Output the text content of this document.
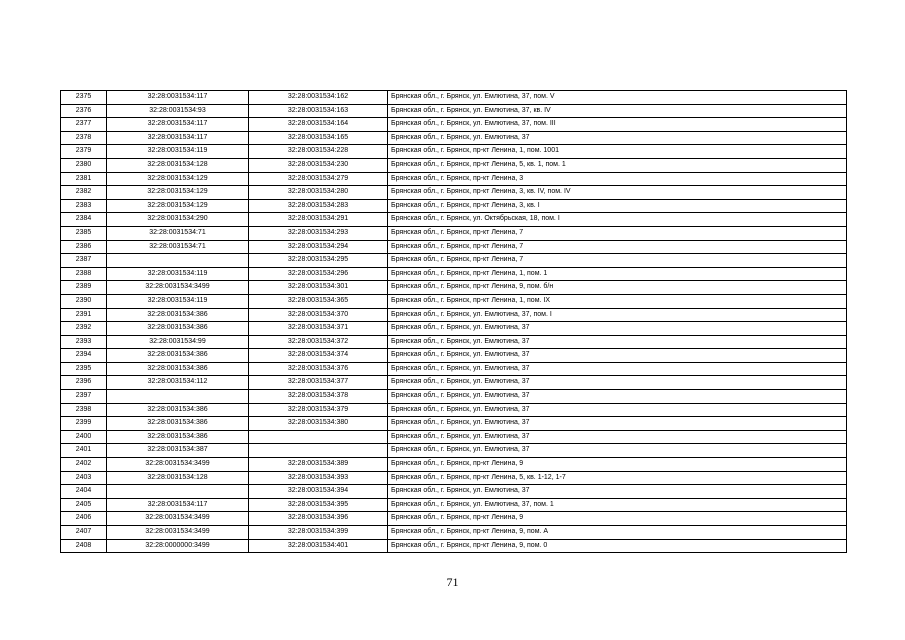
2375	32:28:0031534:117	32:28:0031534:162	Брянская обл., г. Брянск, ул. Емлютина, 37, пом. V
2376	32:28:0031534:93	32:28:0031534:163	Брянская обл., г. Брянск, ул. Емлютина, 37, кв. IV
2377	32:28:0031534:117	32:28:0031534:164	Брянская обл., г. Брянск, ул. Емлютина, 37, пом. III
2378	32:28:0031534:117	32:28:0031534:165	Брянская обл., г. Брянск, ул. Емлютина, 37
2379	32:28:0031534:119	32:28:0031534:228	Брянская обл., г. Брянск, пр-кт Ленина, 1, пом. 1001
2380	32:28:0031534:128	32:28:0031534:230	Брянская обл., г. Брянск, пр-кт Ленина, 5, кв. 1, пом. 1
2381	32:28:0031534:129	32:28:0031534:279	Брянская обл., г. Брянск, пр-кт Ленина, 3
2382	32:28:0031534:129	32:28:0031534:280	Брянская обл., г. Брянск, пр-кт Ленина, 3, кв. IV, пом. IV
2383	32:28:0031534:129	32:28:0031534:283	Брянская обл., г. Брянск, пр-кт Ленина, 3, кв. I
2384	32:28:0031534:290	32:28:0031534:291	Брянская обл., г. Брянск, ул. Октябрьская, 18, пом. I
2385	32:28:0031534:71	32:28:0031534:293	Брянская обл., г. Брянск, пр-кт Ленина, 7
2386	32:28:0031534:71	32:28:0031534:294	Брянская обл., г. Брянск, пр-кт Ленина, 7
2387		32:28:0031534:295	Брянская обл., г. Брянск, пр-кт Ленина, 7
2388	32:28:0031534:119	32:28:0031534:296	Брянская обл., г. Брянск, пр-кт Ленина, 1, пом. 1
2389	32:28:0031534:3499	32:28:0031534:301	Брянская обл., г. Брянск, пр-кт Ленина, 9, пом. б/н
2390	32:28:0031534:119	32:28:0031534:365	Брянская обл., г. Брянск, пр-кт Ленина, 1, пом. IX
2391	32:28:0031534:386	32:28:0031534:370	Брянская обл., г. Брянск, ул. Емлютина, 37, пом. I
2392	32:28:0031534:386	32:28:0031534:371	Брянская обл., г. Брянск, ул. Емлютина, 37
2393	32:28:0031534:99	32:28:0031534:372	Брянская обл., г. Брянск, ул. Емлютина, 37
2394	32:28:0031534:386	32:28:0031534:374	Брянская обл., г. Брянск, ул. Емлютина, 37
2395	32:28:0031534:386	32:28:0031534:376	Брянская обл., г. Брянск, ул. Емлютина, 37
2396	32:28:0031534:112	32:28:0031534:377	Брянская обл., г. Брянск, ул. Емлютина, 37
2397		32:28:0031534:378	Брянская обл., г. Брянск, ул. Емлютина, 37
2398	32:28:0031534:386	32:28:0031534:379	Брянская обл., г. Брянск, ул. Емлютина, 37
2399	32:28:0031534:386	32:28:0031534:380	Брянская обл., г. Брянск, ул. Емлютина, 37
2400	32:28:0031534:386		Брянская обл., г. Брянск, ул. Емлютина, 37
2401	32:28:0031534:387		Брянская обл., г. Брянск, ул. Емлютина, 37
2402	32:28:0031534:3499	32:28:0031534:389	Брянская обл., г. Брянск, пр-кт Ленина, 9
2403	32:28:0031534:128	32:28:0031534:393	Брянская обл., г. Брянск, пр-кт Ленина, 5, кв. 1-12, 1-7
2404		32:28:0031534:394	Брянская обл., г. Брянск, ул. Емлютина, 37
2405	32:28:0031534:117	32:28:0031534:395	Брянская обл., г. Брянск, ул. Емлютина, 37, пом. 1
2406	32:28:0031534:3499	32:28:0031534:396	Брянская обл., г. Брянск, пр-кт Ленина, 9
2407	32:28:0031534:3499	32:28:0031534:399	Брянская обл., г. Брянск, пр-кт Ленина, 9, пом. А
2408	32:28:0000000:3499	32:28:0031534:401	Брянская обл., г. Брянск, пр-кт Ленина, 9, пом. 0
71
